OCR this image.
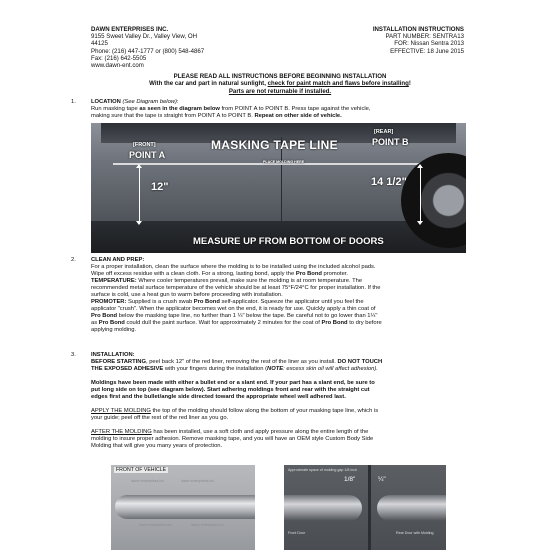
DAWN ENTERPRISES INC.
9155 Sweet Valley Dr., Valley View, OH
44125
Phone: (216) 447-1777 or (800) 548-4867
Fax: (216) 642-5505
www.dawn-ent.com
INSTALLATION INSTRUCTIONS
PART NUMBER: SENTRA13
FOR: Nissan Sentra 2013
EFFECTIVE: 18 June 2015
PLEASE READ ALL INSTRUCTIONS BEFORE BEGINNING INSTALLATION
With the car and part in natural sunlight, check for paint match and flaws before installing!
Parts are not returnable if installed.
1.	LOCATION (See Diagram below):

Run masking tape as seen in the diagram below from POINT A to POINT B. Press tape against the vehicle,

making sure that the tape is straight from POINT A to POINT B. Repeat on other side of vehicle.

[FRONT]
POINT A
[REAR]
POINT B
MASKING TAPE LINE
PLACE MOLDING HERE
12"	14 1/2"
MEASURE UP FROM BOTTOM OF DOORS
2.	CLEAN AND PREP:

For a proper installation, clean the surface where the molding is to be installed using the included alcohol pads.

Wipe off excess residue with a clean cloth. For a strong, lasting bond, apply the Pro Bond promoter.

TEMPERATURE: Where cooler temperatures prevail, make sure the molding is at room temperature. The

recommended metal surface temperature of the vehicle should be at least 75°F/24°C for proper installation. If the

surface is cold, use a heat gun to warm before proceeding with installation.

PROMOTER: Supplied is a crush swab Pro Bond self-applicator. Squeeze the applicator until you feel the

applicator "crush". When the applicator becomes wet on the end, it is ready for use. Quickly apply a thin coat of

Pro Bond below the masking tape line, no further than 1 ¼" below the tape. Be careful not to go lower than 1¼"

as Pro Bond could dull the paint surface. Wait for approximately 2 minutes for the coat of Pro Bond to dry before

applying molding.

3.	INSTALLATION:

BEFORE STARTING, peel back 12" of the red liner, removing the rest of the liner as you install. DO NOT TOUCH

THE EXPOSED ADHESIVE with your fingers during the installation (NOTE: excess skin oil will affect adhesion).

Moldings have been made with either a bullet end or a slant end. If your part has a slant end, be sure to

put long side on top (see diagram below). Start adhering moldings front and rear with the straight cut

edges first and the bullet/angle side directed toward the appropriate wheel well adhered last.

APPLY THE MOLDING the top of the molding should follow along the bottom of your masking tape line, which is

your guide; peel off the rest of the red liner as you go.

AFTER THE MOLDING has been installed, use a soft cloth and apply pressure along the entire length of the

molding to insure proper adhesion. Remove masking tape, and you will have an OEM style Custom Body Side

Molding that will give you many years of protection.

FRONT OF VEHICLE
dawn enterprises inc.	dawn enterprises inc.
dawn enterprises inc.	dawn enterprises inc.
Approximate space of molding gap 1/8 inch
1/8"	¼"
Front Door	Rear Door with Molding
